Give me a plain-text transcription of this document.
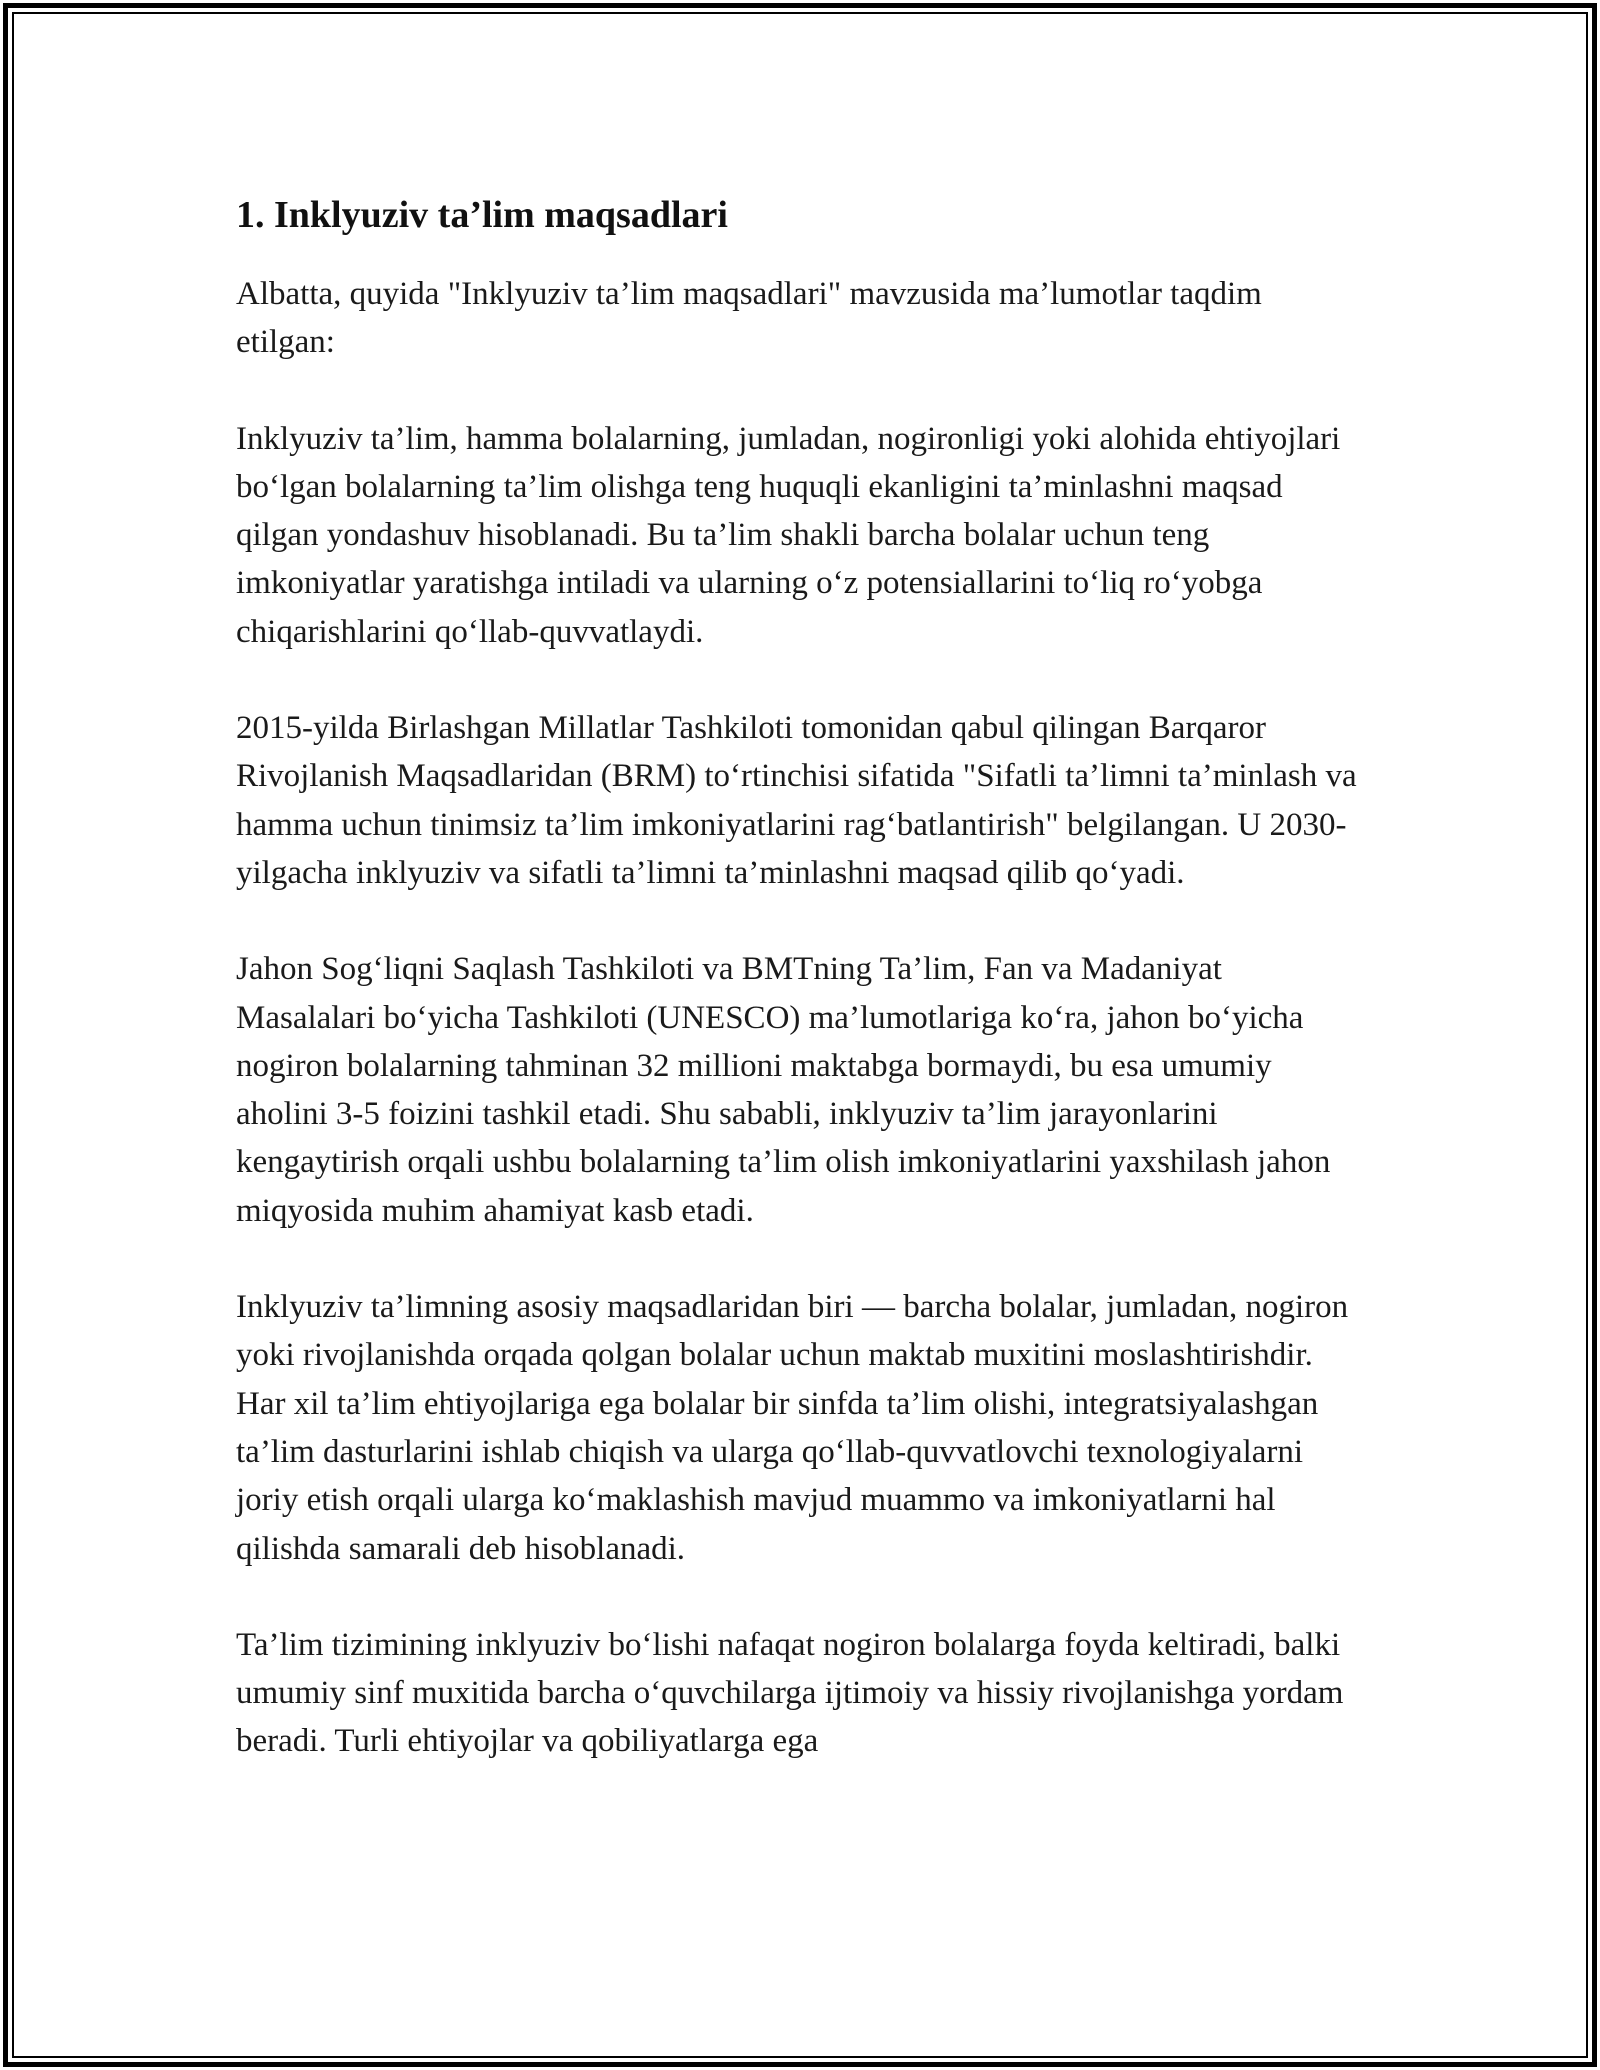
1. Inklyuziv ta’lim maqsadlari

Albatta, quyida "Inklyuziv ta’lim maqsadlari" mavzusida ma’lumotlar taqdim etilgan:

Inklyuziv ta’lim, hamma bolalarning, jumladan, nogironligi yoki alohida ehtiyojlari bo‘lgan bolalarning ta’lim olishga teng huquqli ekanligini ta’minlashni maqsad qilgan yondashuv hisoblanadi. Bu ta’lim shakli barcha bolalar uchun teng imkoniyatlar yaratishga intiladi va ularning o‘z potensiallarini to‘liq ro‘yobga chiqarishlarini qo‘llab-quvvatlaydi.

2015-yilda Birlashgan Millatlar Tashkiloti tomonidan qabul qilingan Barqaror Rivojlanish Maqsadlaridan (BRM) to‘rtinchisi sifatida "Sifatli ta’limni ta’minlash va hamma uchun tinimsiz ta’lim imkoniyatlarini rag‘batlantirish" belgilangan. U 2030-yilgacha inklyuziv va sifatli ta’limni ta’minlashni maqsad qilib qo‘yadi.

Jahon Sog‘liqni Saqlash Tashkiloti va BMTning Ta’lim, Fan va Madaniyat Masalalari bo‘yicha Tashkiloti (UNESCO) ma’lumotlariga ko‘ra, jahon bo‘yicha nogiron bolalarning tahminan 32 millioni maktabga bormaydi, bu esa umumiy aholini 3-5 foizini tashkil etadi. Shu sababli, inklyuziv ta’lim jarayonlarini kengaytirish orqali ushbu bolalarning ta’lim olish imkoniyatlarini yaxshilash jahon miqyosida muhim ahamiyat kasb etadi.

Inklyuziv ta’limning asosiy maqsadlaridan biri — barcha bolalar, jumladan, nogiron yoki rivojlanishda orqada qolgan bolalar uchun maktab muxitini moslashtirishdir. Har xil ta’lim ehtiyojlariga ega bolalar bir sinfda ta’lim olishi, integratsiyalashgan ta’lim dasturlarini ishlab chiqish va ularga qo‘llab-quvvatlovchi texnologiyalarni joriy etish orqali ularga ko‘maklashish mavjud muammo va imkoniyatlarni hal qilishda samarali deb hisoblanadi.

Ta’lim tizimining inklyuziv bo‘lishi nafaqat nogiron bolalarga foyda keltiradi, balki umumiy sinf muxitida barcha o‘quvchilarga ijtimoiy va hissiy rivojlanishga yordam beradi. Turli ehtiyojlar va qobiliyatlarga ega
